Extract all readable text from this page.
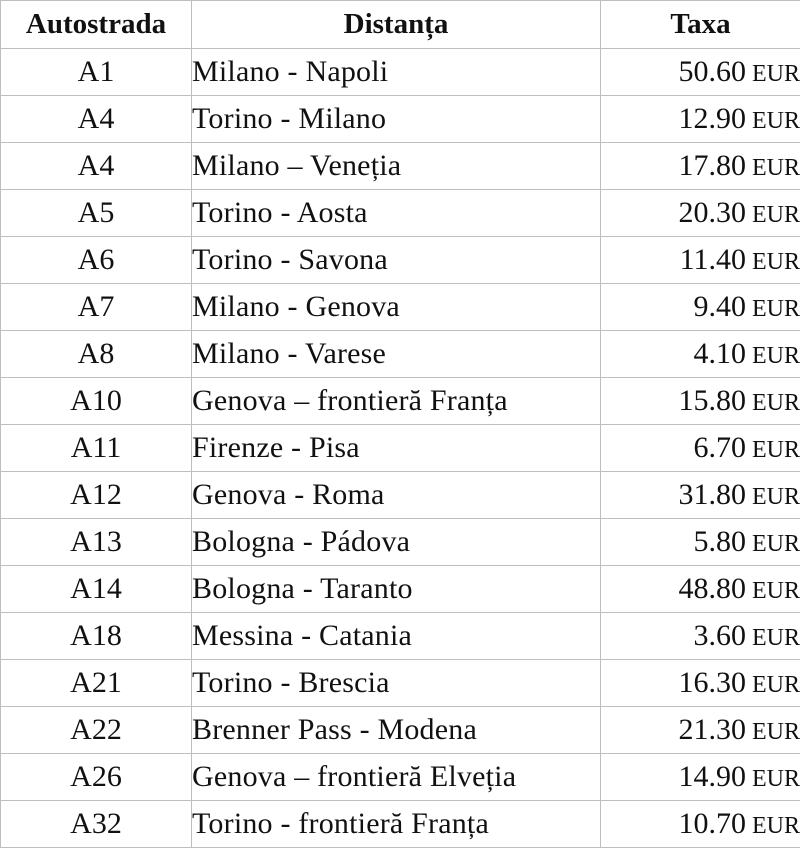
Autostrada	Distanța	Taxa
A1	Milano - Napoli	50.60 EUR
A4	Torino - Milano	12.90 EUR
A4	Milano – Veneția	17.80 EUR
A5	Torino - Aosta	20.30 EUR
A6	Torino - Savona	11.40 EUR
A7	Milano - Genova	9.40 EUR
A8	Milano - Varese	4.10 EUR
A10	Genova – frontieră Franța	15.80 EUR
A11	Firenze - Pisa	6.70 EUR
A12	Genova - Roma	31.80 EUR
A13	Bologna - Pádova	5.80 EUR
A14	Bologna - Taranto	48.80 EUR
A18	Messina - Catania	3.60 EUR
A21	Torino - Brescia	16.30 EUR
A22	Brenner Pass - Modena	21.30 EUR
A26	Genova – frontieră Elveția	14.90 EUR
A32	Torino - frontieră Franța	10.70 EUR
